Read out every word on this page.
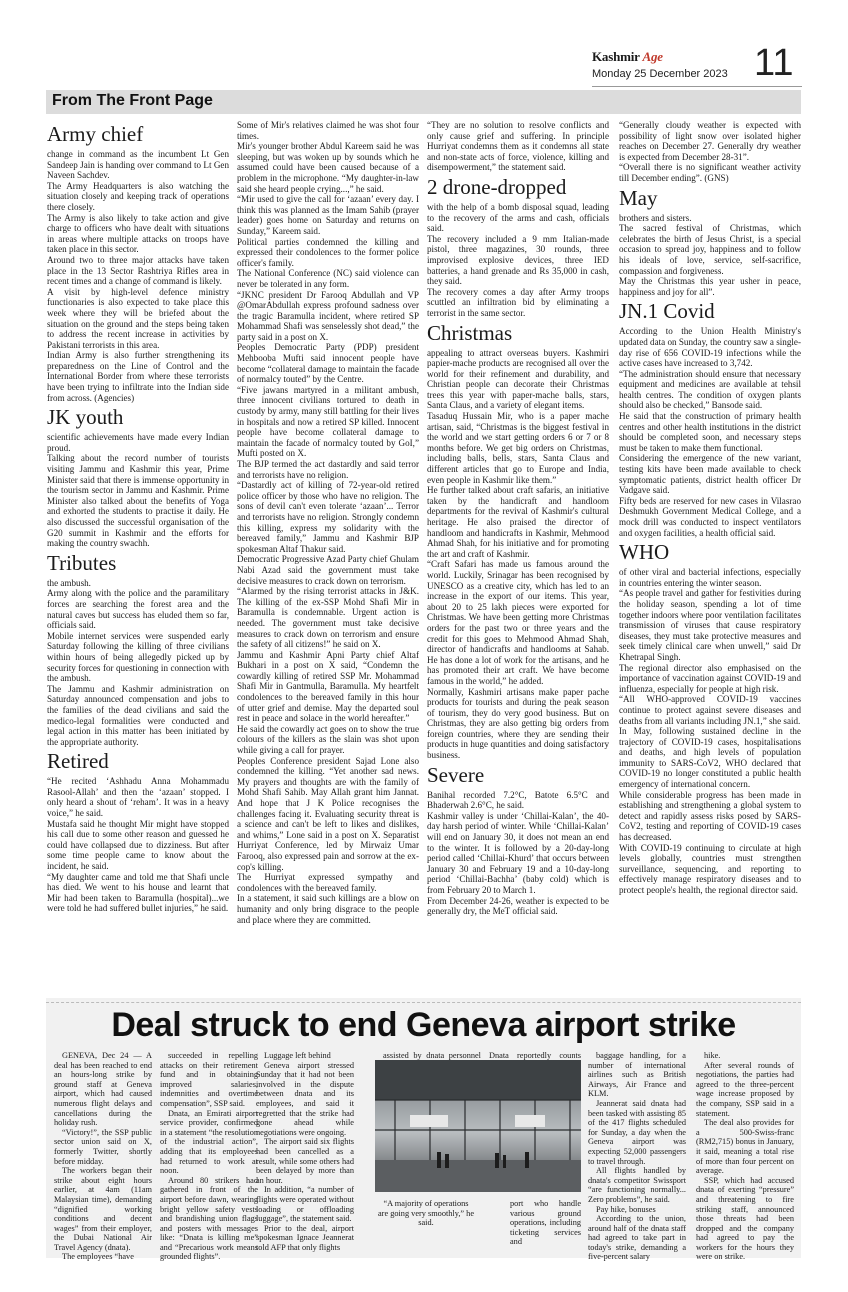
Kashmir Age
Monday 25 December 2023 11
From The Front Page
Army chief

change in command as the incumbent Lt Gen Sandeep Jain is handing over command to Lt Gen Naveen Sachdev.

The Army Headquarters is also watching the situation closely and keeping track of operations there closely.

The Army is also likely to take action and give charge to officers who have dealt with situations in areas where multiple attacks on troops have taken place in this sector.

Around two to three major attacks have taken place in the 13 Sector Rashtriya Rifles area in recent times and a change of command is likely.

A visit by high-level defence ministry functionaries is also expected to take place this week where they will be briefed about the situation on the ground and the steps being taken to address the recent increase in activities by Pakistani terrorists in this area.

Indian Army is also further strengthening its preparedness on the Line of Control and the International Border from where these terrorists have been trying to infiltrate into the Indian side from across. (Agencies)

JK youth

scientific achievements have made every Indian proud.

Talking about the record number of tourists visiting Jammu and Kashmir this year, Prime Minister said that there is immense opportunity in the tourism sector in Jammu and Kashmir. Prime Minister also talked about the benefits of Yoga and exhorted the students to practise it daily. He also discussed the successful organisation of the G20 summit in Kashmir and the efforts for making the country swachh.

Tributes

the ambush.

Army along with the police and the paramilitary forces are searching the forest area and the natural caves but success has eluded them so far, officials said.

Mobile internet services were suspended early Saturday following the killing of three civilians within hours of being allegedly picked up by security forces for questioning in connection with the ambush.

The Jammu and Kashmir administration on Saturday announced compensation and jobs to the families of the dead civilians and said the medico-legal formalities were conducted and legal action in this matter has been initiated by the appropriate authority.

Retired

“He recited ‘Ashhadu Anna Mohammadu Rasool-Allah’ and then the ‘azaan’ stopped. I only heard a shout of ‘reham’. It was in a heavy voice,” he said.

Mustafa said he thought Mir might have stopped his call due to some other reason and guessed he could have collapsed due to dizziness. But after some time people came to know about the incident, he said.

“My daughter came and told me that Shafi uncle has died. We went to his house and learnt that Mir had been taken to Baramulla (hospital)...we were told he had suffered bullet injuries,” he said.

Some of Mir's relatives claimed he was shot four times.

Mir's younger brother Abdul Kareem said he was sleeping, but was woken up by sounds which he assumed could have been caused because of a problem in the microphone. “My daughter-in-law said she heard people crying...,” he said.

“Mir used to give the call for ‘azaan’ every day. I think this was planned as the Imam Sahib (prayer leader) goes home on Saturday and returns on Sunday,” Kareem said.

Political parties condemned the killing and expressed their condolences to the former police officer's family.

The National Conference (NC) said violence can never be tolerated in any form.

“JKNC president Dr Farooq Abdullah and VP @OmarAbdullah express profound sadness over the tragic Baramulla incident, where retired SP Mohammad Shafi was senselessly shot dead,” the party said in a post on X.

Peoples Democratic Party (PDP) president Mehbooba Mufti said innocent people have become “collateral damage to maintain the facade of normalcy touted” by the Centre.

“Five jawans martyred in a militant ambush, three innocent civilians tortured to death in custody by army, many still battling for their lives in hospitals and now a retired SP killed. Innocent people have become collateral damage to maintain the facade of normalcy touted by GoI,” Mufti posted on X.

The BJP termed the act dastardly and said terror and terrorists have no religion.

“Dastardly act of killing of 72-year-old retired police officer by those who have no religion. The sons of devil can't even tolerate ‘azaan’... Terror and terrorists have no religion. Strongly condemn this killing, express my solidarity with the bereaved family,” Jammu and Kashmir BJP spokesman Altaf Thakur said.

Democratic Progressive Azad Party chief Ghulam Nabi Azad said the government must take decisive measures to crack down on terrorism.

“Alarmed by the rising terrorist attacks in J&K. The killing of the ex-SSP Mohd Shafi Mir in Baramulla is condemnable. Urgent action is needed. The government must take decisive measures to crack down on terrorism and ensure the safety of all citizens!” he said on X.

Jammu and Kashmir Apni Party chief Altaf Bukhari in a post on X said, “Condemn the cowardly killing of retired SSP Mr. Mohammad Shafi Mir in Gantmulla, Baramulla. My heartfelt condolences to the bereaved family in this hour of utter grief and demise. May the departed soul rest in peace and solace in the world hereafter.”

He said the cowardly act goes on to show the true colours of the killers as the slain was shot upon while giving a call for prayer.

Peoples Conference president Sajad Lone also condemned the killing. “Yet another sad news. My prayers and thoughts are with the family of Mohd Shafi Sahib. May Allah grant him Jannat. And hope that J K Police recognises the challenges facing it. Evaluating security threat is a science and can't be left to likes and dislikes, and whims,” Lone said in a post on X. Separatist Hurriyat Conference, led by Mirwaiz Umar Farooq, also expressed pain and sorrow at the ex-cop's killing.

The Hurriyat expressed sympathy and condolences with the bereaved family.

In a statement, it said such killings are a blow on humanity and only bring disgrace to the people and place where they are committed.

“They are no solution to resolve conflicts and only cause grief and suffering. In principle Hurriyat condemns them as it condemns all state and non-state acts of force, violence, killing and disempowerment,” the statement said.

2 drone-dropped

with the help of a bomb disposal squad, leading to the recovery of the arms and cash, officials said.

The recovery included a 9 mm Italian-made pistol, three magazines, 30 rounds, three improvised explosive devices, three IED batteries, a hand grenade and Rs 35,000 in cash, they said.

The recovery comes a day after Army troops scuttled an infiltration bid by eliminating a terrorist in the same sector.

Christmas

appealing to attract overseas buyers. Kashmiri papier-mache products are recognised all over the world for their refinement and durability, and Christian people can decorate their Christmas trees this year with paper-mache balls, stars, Santa Claus, and a variety of elegant items.

Tasaduq Hussain Mir, who is a paper mache artisan, said, “Christmas is the biggest festival in the world and we start getting orders 6 or 7 or 8 months before. We get big orders on Christmas, including balls, bells, stars, Santa Claus and different articles that go to Europe and India, even people in Kashmir like them.”

He further talked about craft safaris, an initiative taken by the handicraft and handloom departments for the revival of Kashmir's cultural heritage. He also praised the director of handloom and handicrafts in Kashmir, Mehmood Ahmad Shah, for his initiative and for promoting the art and craft of Kashmir.

“Craft Safari has made us famous around the world. Luckily, Srinagar has been recognised by UNESCO as a creative city, which has led to an increase in the export of our items. This year, about 20 to 25 lakh pieces were exported for Christmas. We have been getting more Christmas orders for the past two or three years and the credit for this goes to Mehmood Ahmad Shah, director of handicrafts and handlooms at Sahab. He has done a lot of work for the artisans, and he has promoted their art craft. We have become famous in the world,” he added.

Normally, Kashmiri artisans make paper pache products for tourists and during the peak season of tourism, they do very good business. But on Christmas, they are also getting big orders from foreign countries, where they are sending their products in huge quantities and doing satisfactory business.

Severe

Banihal recorded 7.2°C, Batote 6.5°C and Bhaderwah 2.6°C, he said.

Kashmir valley is under ‘Chillai-Kalan’, the 40-day harsh period of winter. While ‘Chillai-Kalan’ will end on January 30, it does not mean an end to the winter. It is followed by a 20-day-long period called ‘Chillai-Khurd’ that occurs between January 30 and February 19 and a 10-day-long period ‘Chillai-Bachha’ (baby cold) which is from February 20 to March 1.

From December 24-26, weather is expected to be generally dry, the MeT official said.

“Generally cloudy weather is expected with possibility of light snow over isolated higher reaches on December 27. Generally dry weather is expected from December 28-31”.

“Overall there is no significant weather activity till December ending”. (GNS)

May

brothers and sisters.

The sacred festival of Christmas, which celebrates the birth of Jesus Christ, is a special occasion to spread joy, happiness and to follow his ideals of love, service, self-sacrifice, compassion and forgiveness.

May the Christmas this year usher in peace, happiness and joy for all”.

JN.1 Covid

According to the Union Health Ministry's updated data on Sunday, the country saw a single-day rise of 656 COVID-19 infections while the active cases have increased to 3,742.

“The administration should ensure that necessary equipment and medicines are available at tehsil health centres. The condition of oxygen plants should also be checked,” Bansode said.

He said that the construction of primary health centres and other health institutions in the district should be completed soon, and necessary steps must be taken to make them functional.

Considering the emergence of the new variant, testing kits have been made available to check symptomatic patients, district health officer Dr Vadgave said.

Fifty beds are reserved for new cases in Vilasrao Deshmukh Government Medical College, and a mock drill was conducted to inspect ventilators and oxygen facilities, a health official said.

WHO

of other viral and bacterial infections, especially in countries entering the winter season.

“As people travel and gather for festivities during the holiday season, spending a lot of time together indoors where poor ventilation facilitates transmission of viruses that cause respiratory diseases, they must take protective measures and seek timely clinical care when unwell,” said Dr Khetrapal Singh.

The regional director also emphasised on the importance of vaccination against COVID-19 and influenza, especially for people at high risk.

“All WHO-approved COVID-19 vaccines continue to protect against severe diseases and deaths from all variants including JN.1,” she said.

In May, following sustained decline in the trajectory of COVID-19 cases, hospitalisations and deaths, and high levels of population immunity to SARS-CoV2, WHO declared that COVID-19 no longer constituted a public health emergency of international concern.

While considerable progress has been made in establishing and strengthening a global system to detect and rapidly assess risks posed by SARS-CoV2, testing and reporting of COVID-19 cases has decreased.

With COVID-19 continuing to circulate at high levels globally, countries must strengthen surveillance, sequencing, and reporting to effectively manage respiratory diseases and to protect people's health, the regional director said.

Deal struck to end Geneva airport strike

GENEVA, Dec 24 — A deal has been reached to end an hours-long strike by ground staff at Geneva airport, which had caused numerous flight delays and cancellations during the holiday rush.

“Victory!”, the SSP public sector union said on X, formerly Twitter, shortly before midday.

The workers began their strike about eight hours earlier, at 4am (11am Malaysian time), demanding “dignified working conditions and decent wages” from their employer, the Dubai National Air Travel Agency (dnata).

The employees “have

succeeded in repelling attacks on their retirement fund and in obtaining improved salaries, indemnities and overtime compensation”, SSP said.

Dnata, an Emirati airport service provider, confirmed in a statement “the resolution of the industrial action”, adding that its employees had returned to work at noon.

Around 80 strikers had gathered in front of the airport before dawn, wearing bright yellow safety vests and brandishing union flags and posters with messages like: “Dnata is killing me” and “Precarious work means grounded flights”.

Luggage left behind

Geneva airport stressed Sunday that it had not been involved in the dispute between dnata and its employees, and said it regretted that the strike had gone ahead while negotiations were ongoing.

The airport said six flights had been cancelled as a result, while some others had been delayed by more than an hour.

In addition, “a number of flights were operated without loading or offloading luggage”, the statement said.

Prior to the deal, airport spokesman Ignace Jeannerat told AFP that only flights

assisted by dnata personnel Dnata reportedly counts

“A majority of operations are going very smoothly,” he said.
port who handle various ground operations, including ticketing services and

baggage handling, for a number of international airlines such as British Airways, Air France and KLM.

Jeannerat said dnata had been tasked with assisting 85 of the 417 flights scheduled for Sunday, a day when the Geneva airport was expecting 52,000 passengers to travel through.

All flights handled by dnata's competitor Swissport “are functioning normally... Zero problems”, he said.

Pay hike, bonuses

According to the union, around half of the dnata staff had agreed to take part in today's strike, demanding a five-percent salary

hike.

After several rounds of negotiations, the parties had agreed to the three-percent wage increase proposed by the company, SSP said in a statement.

The deal also provides for a 500-Swiss-franc (RM2,715) bonus in January, it said, meaning a total rise of more than four percent on average.

SSP, which had accused dnata of exerting “pressure” and threatening to fire striking staff, announced those threats had been dropped and the company had agreed to pay the workers for the hours they were on strike.
